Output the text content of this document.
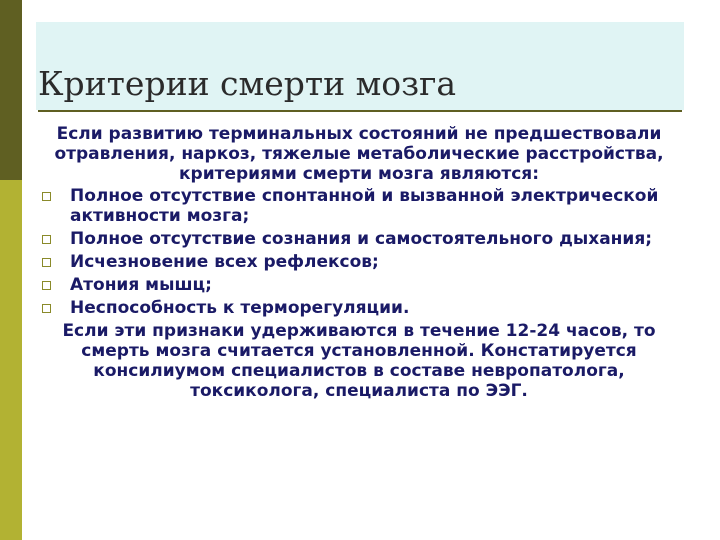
Критерии смерти мозга

Если развитию терминальных состояний не предшествовали отравления, наркоз, тяжелые метаболические расстройства, критериями смерти мозга являются:

Полное отсутствие спонтанной и вызванной электрической активности мозга;
Полное отсутствие сознания и самостоятельного дыхания;
Исчезновение всех рефлексов;
Атония мышц;
Неспособность к терморегуляции.

Если эти признаки удерживаются в течение 12-24 часов, то смерть мозга считается установленной. Констатируется консилиумом специалистов в составе невропатолога, токсиколога, специалиста по ЭЭГ.
